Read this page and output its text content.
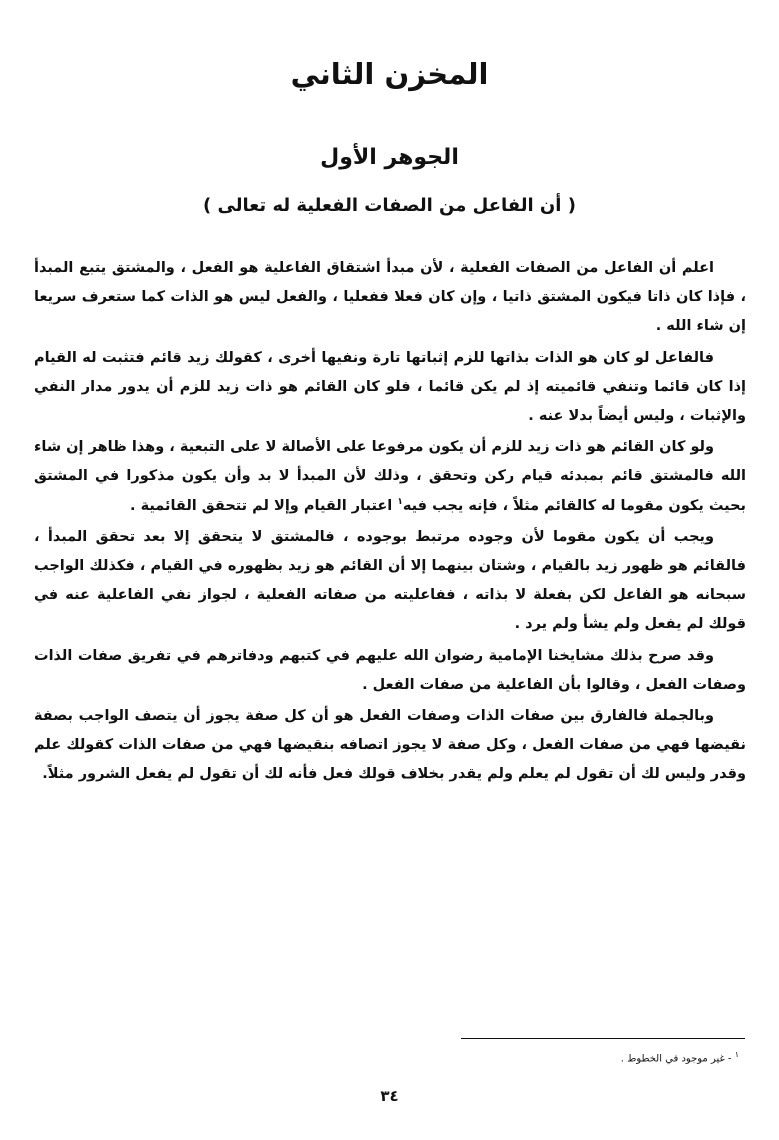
المخزن الثاني
الجوهر الأول
( أن الفاعل من الصفات الفعلية له تعالى )

اعلم أن الفاعل من الصفات الفعلية ، لأن مبدأ اشتقاق الفاعلية هو الفعل ، والمشتق يتبع المبدأ ، فإذا كان ذاتا فيكون المشتق ذاتيا ، وإن كان فعلا ففعليا ، والفعل ليس هو الذات كما ستعرف سريعا إن شاء الله .

فالفاعل لو كان هو الذات بذاتها للزم إثباتها تارة ونفيها أخرى ، كقولك زيد قائم فتثبت له القيام إذا كان قائما وتنفي قائميته إذ لم يكن قائما ، فلو كان القائم هو ذات زيد للزم أن يدور مدار النفي والإثبات ، وليس أيضاً بدلا عنه .

ولو كان القائم هو ذات زيد للزم أن يكون مرفوعا على الأصالة لا على التبعية ، وهذا ظاهر إن شاء الله فالمشتق قائم بمبدئه قيام ركن وتحقق ، وذلك لأن المبدأ لا بد وأن يكون مذكورا في المشتق بحيث يكون مقوما له كالقائم مثلاً ، فإنه يجب فيه$^١$ اعتبار القيام وإلا لم تتحقق القائمية .

ويجب أن يكون مقوما لأن وجوده مرتبط بوجوده ، فالمشتق لا يتحقق إلا بعد تحقق المبدأ ، فالقائم هو ظهور زيد بالقيام ، وشتان بينهما إلا أن القائم هو زيد بظهوره في القيام ، فكذلك الواجب سبحانه هو الفاعل لكن بفعلة لا بذاته ، ففاعليته من صفاته الفعلية ، لجواز نفي الفاعلية عنه في قولك لم يفعل ولم يشأ ولم يرد .

وقد صرح بذلك مشايخنا الإمامية رضوان الله عليهم في كتبهم ودفاترهم في تفريق صفات الذات وصفات الفعل ، وقالوا بأن الفاعلية من صفات الفعل .

وبالجملة فالفارق بين صفات الذات وصفات الفعل هو أن كل صفة يجوز أن يتصف الواجب بصفة نقيضها فهي من صفات الفعل ، وكل صفة لا يجوز اتصافه بنقيضها فهي من صفات الذات كقولك علم وقدر وليس لك أن تقول لم يعلم ولم يقدر بخلاف قولك فعل فأنه لك أن تقول لم يفعل الشرور مثلاً.

$^١$ - غير موجود في الخطوط .
٣٤
